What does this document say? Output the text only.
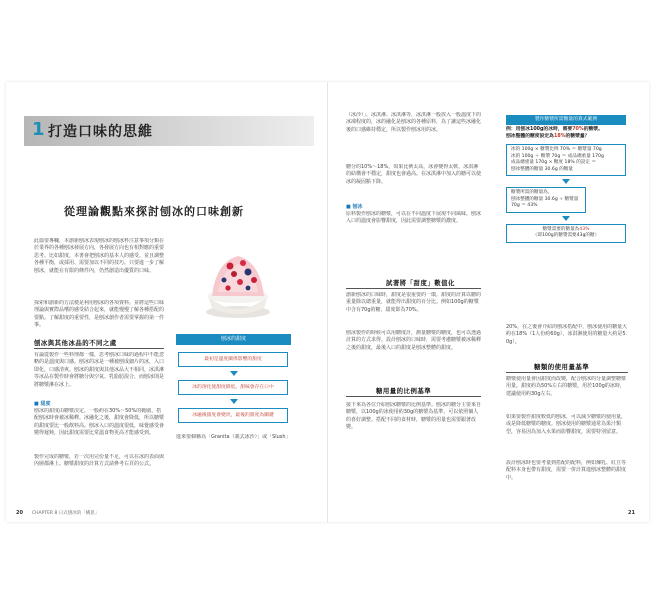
1 打造口味的思維
從理論觀點來探討刨冰的口味創新
此篇要專欄，本創新刨冰表現刨冰的刨冰杯注意事項分類在於業界的各種刨冰發展方向，各發展方向也有相對應的重要思考。比如甜度，本書會把刨冰的基本人的感受。並且調整各種平衡，或採用、需要加以不同的技巧。只要進一步了解刨冰，就能在有限的條件內，仍然創造出優質的口味。
探索和創新的方法便是利用刨冰的各項資料。並將這些口味理論與實際品嚐的感受結合起來，就能慢慢了解各種搭配的要點。了解甜度的重要性，是刨冰創作者需要掌握的第一件事。
刨冰與其他冰品的不同之處
有論從製作一些料理都一樣，思考刨冰口味的過程中不能忽略的是溫度與口感。刨冰的冰是一種被刨成細片的冰，入口即化，口感清爽。刨冰的甜度與其他冰品大不相同，冰淇淋等冰品在製作時會將糖分與空氣、乳脂肪混合，而刨冰則是將糖漿淋在冰上。
■ 甜度
刨冰的甜度由糖漿決定，一般約在30%～50%的範圍，搭配刨冰時會被冰稀釋。冰融化之後，甜度會降低，所以糖漿的甜度要比一般飲料高。刨冰入口的溫度很低，味覺感受會變得遲鈍，因此甜度需要比常溫食物更高才能感受到。
製作完成的糖漿，若一次用完份量不足，可以在冰的表面與內層都淋上。糖漿甜度的計算方式請參考右頁的公式。
刨冰的甜度
最初是溫度關係影響的甜度
冰的溶化使甜度降低，甜味會存在口中
冰融後甜度會變淡，最後的甜度為關鍵
進來要個稱為「Granita（義式冰沙）」或「Slush」
20 CHAPTER 8 日式刨冰的「構思」
（冰沙）」、冰淇淋、冰淇淋等，冰淇淋一般放入一般溫度下的冰凍程度的，冰的融化是刨冰的各種原料，為了讓這些冰融化後的口感維持穩定，所以製作刨冰用的冰。
糖分的10%～18%，如果比例太高，冰會變得太軟，冰淇淋的結構會不穩定，甜度也會過高。在冰淇淋中加入的糖可以使冰的凝固點下降。
■ 刨冰
原料製作刨冰的糖漿，可以在不同溫度下展現不同風味。刨冰入口的溫度會影響甜度，因此需要調整糖漿的濃度。
試著將「甜度」數值化
創新刨冰的口味時，甜度是很重要的一環。甜度的計算以糖的重量除以總重量，就能得出甜度的百分比。例如100g的糖漿中含有70g的糖，甜度即為70%。
刨冰製作的時候可以用糖度計，測量糖漿的糖度，也可以透過計算的方式求得。設計刨冰的口味時，需要考慮糖漿被冰稀釋之後的甜度，最後入口的甜度是刨冰整體的甜度。
糖用量的比例基準
接下來為各位介紹刨冰糖漿的比例基準。刨冰的糖分主要來自糖漿，以100g的冰使用約30g的糖漿為基準，可以依照個人的喜好調整。搭配不同的食材時，糖漿的用量也需要跟著改變。
製作糖漿所需糖量的算式範例
例：用刨冰100g的冰時，需要70%的糖漿。
刨冰整體的糖度設定為18%的糖漿量？
冰的 100g × 糖漿比例 70% ＝ 糖漿量 70g
冰的 100g ＋ 糖漿 70g ＝ 成品總重量 170g
成品總重量 170g × 糖度 18% 的設定 ＝
刨冰整體的糖量 30.6g 的糖量
糖漿所需的糖量為，
刨冰整體的糖量 30.6g ÷ 糖漿量
70g ＝ 43%
糖漿需要的糖量為43%
（即100g的糖漿需要43g的糖）
20%，在之後會介紹的刨冰搭配中，刨冰使用的糖量大約在18%（1人份約60g），冰淇淋使用的糖量大約是5.0g）。
糖類的使用量基準
糖漿使用量會因甜度而改變，配合刨冰的分量調整糖漿用量。甜度約為50%左右的糖漿，用於100g的冰時，建議使用約30g左右。
如果要製作甜度較低的刨冰，可以減少糖漿的使用量，或是降低糖漿的糖度。刨冰使用的糖漿通常為果汁類型，容易因為加入水果而影響甜度，需要特別留意。
設計刨冰時也要考量到搭配的配料，例如煉乳、紅豆等配料本身也帶有甜度，需要一併計算進刨冰整體的甜度中。
21
